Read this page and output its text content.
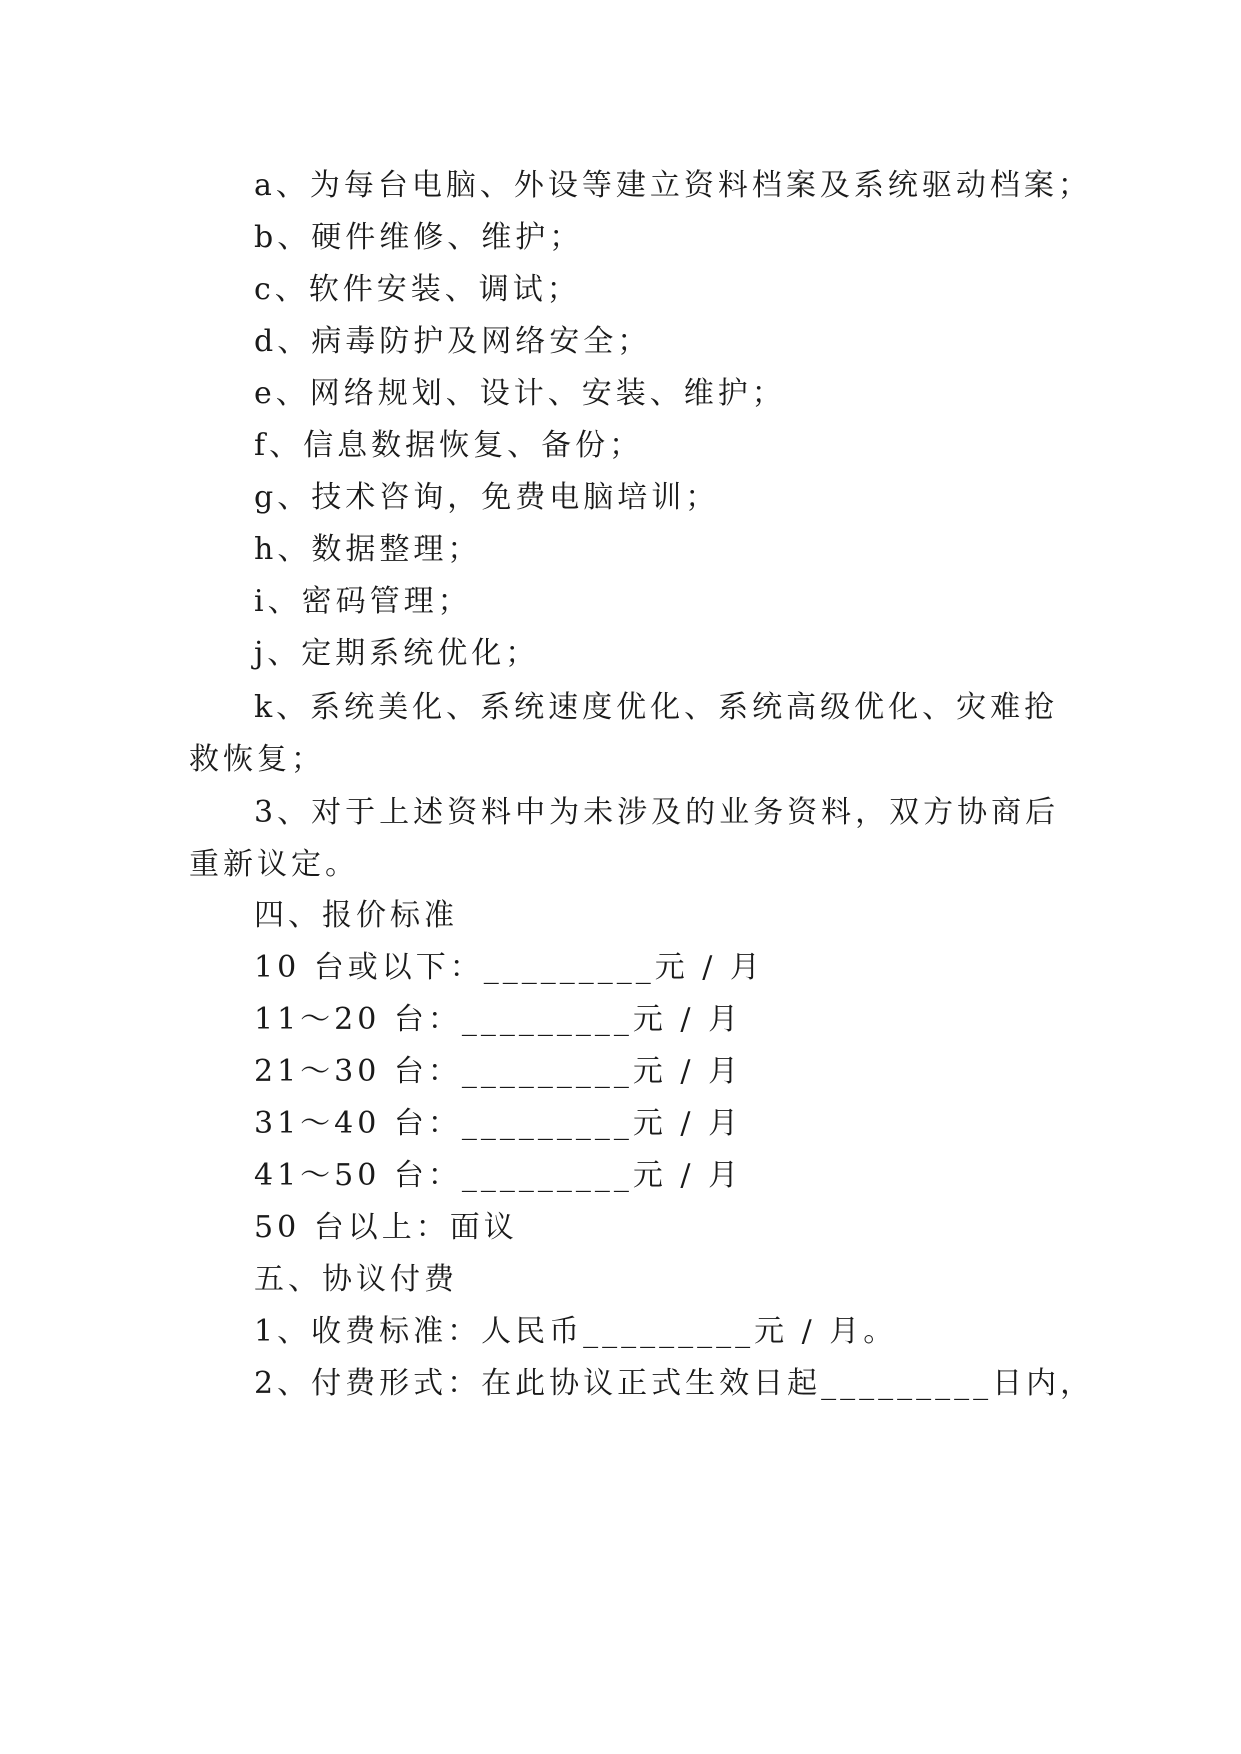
a、为每台电脑、外设等建立资料档案及系统驱动档案；
b、硬件维修、维护；
c、软件安装、调试；
d、病毒防护及网络安全；
e、网络规划、设计、安装、维护；
f、信息数据恢复、备份；
g、技术咨询，免费电脑培训；
h、数据整理；
i、密码管理；
j、定期系统优化；
k、系统美化、系统速度优化、系统高级优化、灾难抢
救恢复；
3、对于上述资料中为未涉及的业务资料，双方协商后
重新议定。
四、报价标准
10 台或以下：_________元 / 月
11～20 台：_________元 / 月
21～30 台：_________元 / 月
31～40 台：_________元 / 月
41～50 台：_________元 / 月
50 台以上：面议
五、协议付费
1、收费标准：人民币_________元 / 月。
2、付费形式：在此协议正式生效日起_________日内，
